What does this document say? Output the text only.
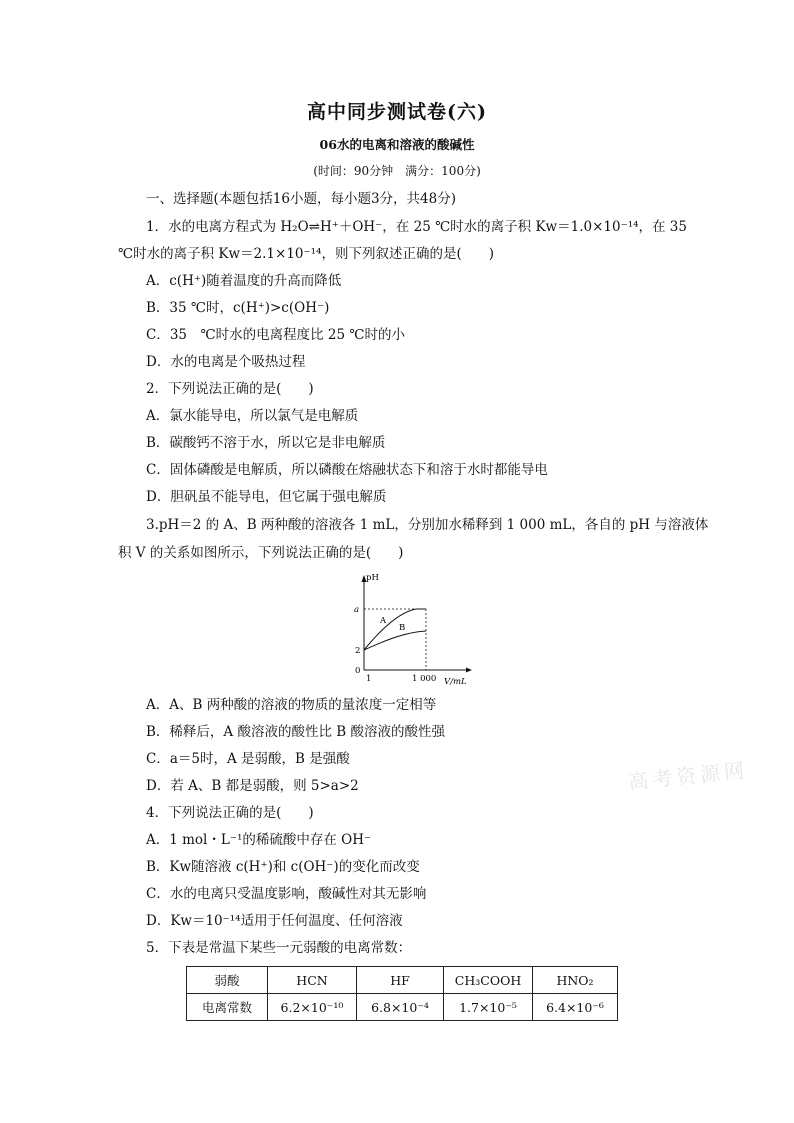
高中同步测试卷(六)
06水的电离和溶液的酸碱性
(时间：90分钟　满分：100分)
一、选择题(本题包括16小题，每小题3分，共48分)
1．水的电离方程式为 H₂O⇌H⁺＋OH⁻，在 25 ℃时水的离子积 Kw＝1.0×10⁻¹⁴，在 35
℃时水的离子积 Kw＝2.1×10⁻¹⁴，则下列叙述正确的是(　　)
A．c(H⁺)随着温度的升高而降低
B．35 ℃时，c(H⁺)>c(OH⁻)
C．35　℃时水的电离程度比 25 ℃时的小
D．水的电离是个吸热过程
2．下列说法正确的是(　　)
A．氯水能导电，所以氯气是电解质
B．碳酸钙不溶于水，所以它是非电解质
C．固体磷酸是电解质，所以磷酸在熔融状态下和溶于水时都能导电
D．胆矾虽不能导电，但它属于强电解质
3.pH＝2 的 A、B 两种酸的溶液各 1 mL，分别加水稀释到 1 000 mL，各自的 pH 与溶液体
积 V 的关系如图所示，下列说法正确的是(　　)
pH
a
2
0
1	1 000 V/mL
A
B
A．A、B 两种酸的溶液的物质的量浓度一定相等
B．稀释后，A 酸溶液的酸性比 B 酸溶液的酸性强
C．a＝5时，A 是弱酸，B 是强酸
D．若 A、B 都是弱酸，则 5>a>2	高考资源网
4．下列说法正确的是(　　)
A．1 mol・L⁻¹的稀硫酸中存在 OH⁻
B．Kw随溶液 c(H⁺)和 c(OH⁻)的变化而改变
C．水的电离只受温度影响，酸碱性对其无影响
D．Kw＝10⁻¹⁴适用于任何温度、任何溶液
5．下表是常温下某些一元弱酸的电离常数：
弱酸	HCN	HF	CH₃COOH	HNO₂
电离常数	6.2×10⁻¹⁰	6.8×10⁻⁴	1.7×10⁻⁵	6.4×10⁻⁶
